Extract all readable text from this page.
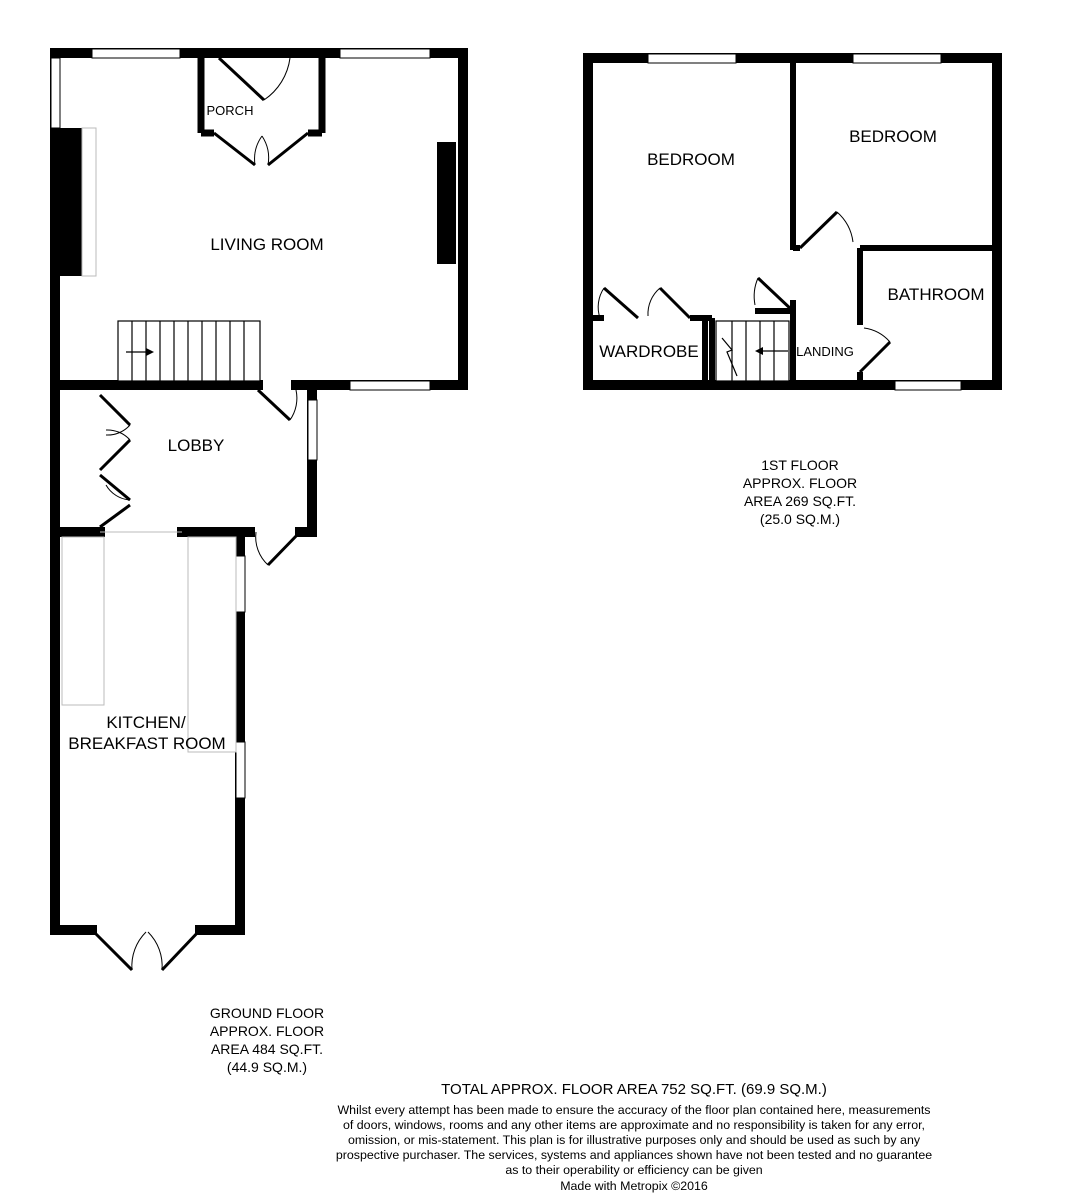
PORCH
LIVING ROOM
LOBBY
KITCHEN/
BREAKFAST ROOM
GROUND FLOOR
APPROX. FLOOR
AREA 484 SQ.FT.
(44.9 SQ.M.)
BEDROOM
BEDROOM
BATHROOM
WARDROBE	LANDING
1ST FLOOR
APPROX. FLOOR
AREA 269 SQ.FT.
(25.0 SQ.M.)
TOTAL APPROX. FLOOR AREA 752 SQ.FT. (69.9 SQ.M.)
Whilst every attempt has been made to ensure the accuracy of the floor plan contained here, measurements
of doors, windows, rooms and any other items are approximate and no responsibility is taken for any error,
omission, or mis-statement. This plan is for illustrative purposes only and should be used as such by any
prospective purchaser. The services, systems and appliances shown have not been tested and no guarantee
as to their operability or efficiency can be given
Made with Metropix ©2016
